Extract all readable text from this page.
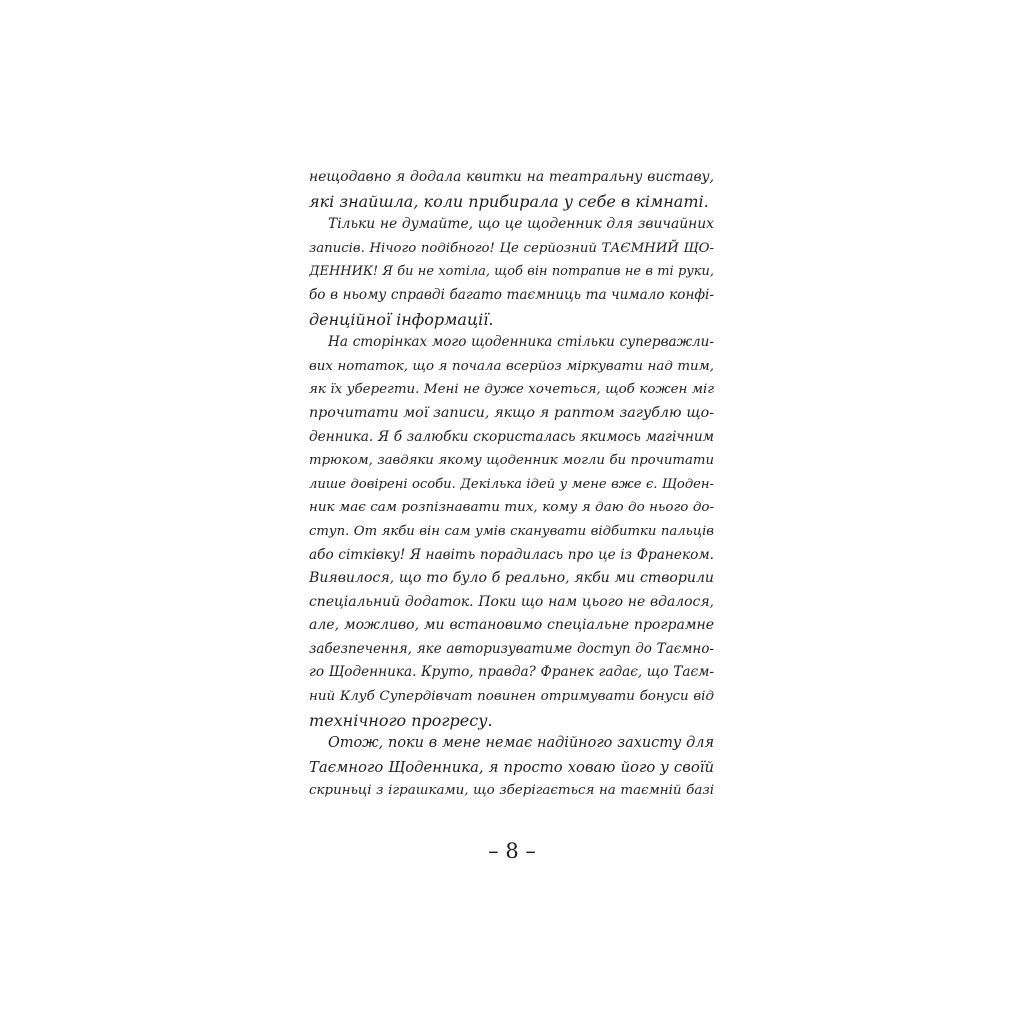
нещодавно я додала квитки на театральну виставу,
які знайшла, коли прибирала у себе в кімнаті.
Тільки не думайте, що це щоденник для звичайних
записів. Нічого подібного! Це серйозний ТАЄМНИЙ ЩО-
ДЕННИК! Я би не хотіла, щоб він потрапив не в ті руки,
бо в ньому справді багато таємниць та чимало конфі-
денційної інформації.
На сторінках мого щоденника стільки суперважли-
вих нотаток, що я почала всерйоз міркувати над тим,
як їх уберегти. Мені не дуже хочеться, щоб кожен міг
прочитати мої записи, якщо я раптом загублю що-
денника. Я б залюбки скористалась якимось магічним
трюком, завдяки якому щоденник могли би прочитати
лише довірені особи. Декілька ідей у мене вже є. Щоден-
ник має сам розпізнавати тих, кому я даю до нього до-
ступ. От якби він сам умів сканувати відбитки пальців
або сітківку! Я навіть порадилась про це із Франеком.
Виявилося, що то було б реально, якби ми створили
спеціальний додаток. Поки що нам цього не вдалося,
але, можливо, ми встановимо спеціальне програмне
забезпечення, яке авторизуватиме доступ до Таємно-
го Щоденника. Круто, правда? Франек гадає, що Таєм-
ний Клуб Супердівчат повинен отримувати бонуси від
технічного прогресу.
Отож, поки в мене немає надійного захисту для
Таємного Щоденника, я просто ховаю його у своїй
скриньці з іграшками, що зберігається на таємній базі
– 8 –
